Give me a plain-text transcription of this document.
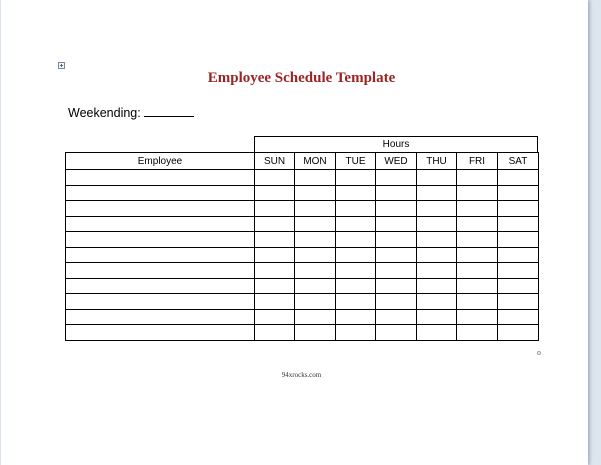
Employee Schedule Template
Weekending:
Hours
Employee	SUN	MON	TUE	WED	THU	FRI	SAT

94xrocks.com
